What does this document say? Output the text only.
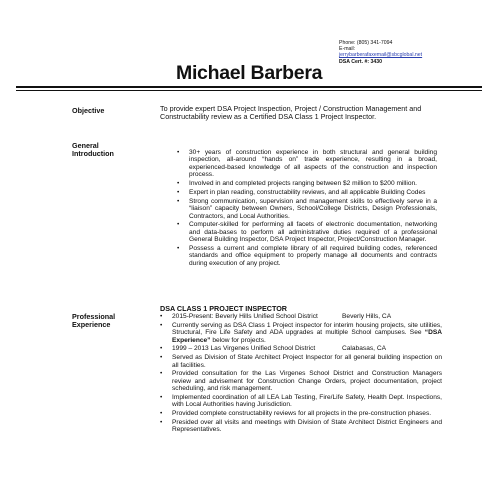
Phone: (805) 341-7094
E-mail:
jerrybarberafaxemail@sbcglobal.net
DSA Cert. #: 3430
Michael Barbera
Objective	To provide expert DSA Project Inspection, Project / Construction Management and Constructability review as a Certified DSA Class 1 Project Inspector.
General
Introduction	• 30+ years of construction experience in both structural and general building inspection, all-around “hands on” trade experience, resulting in a broad, experienced-based knowledge of all aspects of the construction and inspection process.
• Involved in and completed projects ranging between $2 million to $200 million.
• Expert in plan reading, constructability reviews, and all applicable Building Codes
• Strong communication, supervision and management skills to effectively serve in a “liaison” capacity between Owners, School/College Districts, Design Professionals, Contractors, and Local Authorities.
• Computer-skilled for performing all facets of electronic documentation, networking and data-bases to perform all administrative duties required of a professional General Building Inspector, DSA Project Inspector, Project/Construction Manager.
• Possess a current and complete library of all required building codes, referenced standards and office equipment to properly manage all documents and contracts during execution of any project.
Professional
Experience
DSA CLASS 1 PROJECT INSPECTOR
• 2015-Present: Beverly Hills Unified School District	Beverly Hills, CA
• Currently serving as DSA Class 1 Project inspector for interim housing projects, site utilities, Structural, Fire Life Safety and ADA upgrades at multiple School campuses. See “DSA Experience” below for projects.
• 1999 – 2013 Las Virgenes Unified School District	Calabasas, CA
• Served as Division of State Architect Project Inspector for all general building inspection on all facilities.
• Provided consultation for the Las Virgenes School District and Construction Managers review and advisement for Construction Change Orders, project documentation, project scheduling, and risk management.
• Implemented coordination of all LEA Lab Testing, Fire/Life Safety, Health Dept. Inspections, with Local Authorities having Jurisdiction.
• Provided complete constructability reviews for all projects in the pre-construction phases.
• Presided over all visits and meetings with Division of State Architect District Engineers and Representatives.
